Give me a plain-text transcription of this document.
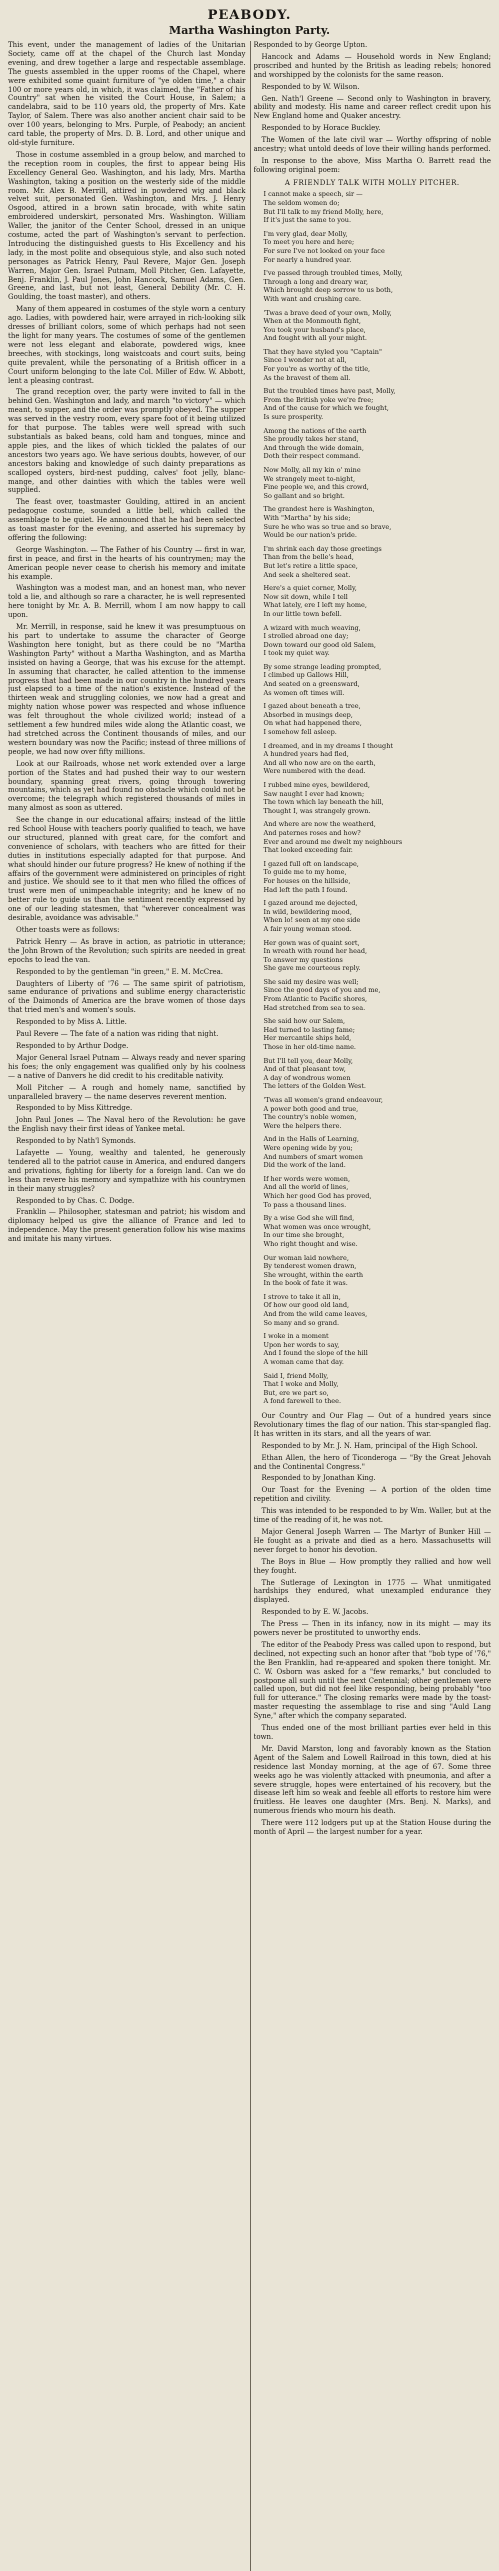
PEABODY.
Martha Washington Party.

This event, under the management of ladies of the Unitarian Society, came off at the chapel of the Church last Monday evening, and drew together a large and respectable assemblage. The guests assembled in the upper rooms of the Chapel, where were exhibited some quaint furniture of "ye olden time," a chair 100 or more years old, in which, it was claimed, the "Father of his Country" sat when he visited the Court House, in Salem; a candelabra, said to be 110 years old, the property of Mrs. Kate Taylor, of Salem. There was also another ancient chair said to be over 100 years, belonging to Mrs. Purple, of Peabody; an ancient card table, the property of Mrs. D. B. Lord, and other unique and old-style furniture.

Those in costume assembled in a group below, and marched to the reception room in couples, the first to appear being His Excellency General Geo. Washington, and his lady, Mrs. Martha Washington, taking a position on the westerly side of the middle room. Mr. Alex B. Merrill, attired in powdered wig and black velvet suit, personated Gen. Washington, and Mrs. J. Henry Osgood, attired in a brown satin brocade, with white satin embroidered underskirt, personated Mrs. Washington. William Waller, the janitor of the Center School, dressed in an unique costume, acted the part of Washington's servant to perfection. Introducing the distinguished guests to His Excellency and his lady, in the most polite and obsequious style, and also such noted personages as Patrick Henry, Paul Revere, Major Gen. Joseph Warren, Major Gen. Israel Putnam, Moll Pitcher, Gen. Lafayette, Benj. Franklin, J. Paul Jones, John Hancock, Samuel Adams, Gen. Greene, and last, but not least, General Debility (Mr. C. H. Goulding, the toast master), and others.

Many of them appeared in costumes of the style worn a century ago. Ladies, with powdered hair, were arrayed in rich-looking silk dresses of brilliant colors, some of which perhaps had not seen the light for many years. The costumes of some of the gentlemen were not less elegant and elaborate, powdered wigs, knee breeches, with stockings, long waistcoats and court suits, being quite prevalent, while the personating of a British officer in a Court uniform belonging to the late Col. Miller of Edw. W. Abbott, lent a pleasing contrast.

The grand reception over, the party were invited to fall in the behind Gen. Washington and lady, and march "to victory" — which meant, to supper, and the order was promptly obeyed. The supper was served in the vestry room, every spare foot of it being utilized for that purpose. The tables were well spread with such substantials as baked beans, cold ham and tongues, mince and apple pies, and the likes of which tickled the palates of our ancestors two years ago. We have serious doubts, however, of our ancestors baking and knowledge of such dainty preparations as scalloped oysters, bird-nest pudding, calves' foot jelly, blanc-mange, and other dainties with which the tables were well supplied.

The feast over, toastmaster Goulding, attired in an ancient pedagogue costume, sounded a little bell, which called the assemblage to be quiet. He announced that he had been selected as toast master for the evening, and asserted his supremacy by offering the following:

George Washington. — The Father of his Country — first in war, first in peace, and first in the hearts of his countrymen; may the American people never cease to cherish his memory and imitate his example.

Washington was a modest man, and an honest man, who never told a lie, and although so rare a character, he is well represented here tonight by Mr. A. B. Merrill, whom I am now happy to call upon.

Mr. Merrill, in response, said he knew it was presumptuous on his part to undertake to assume the character of George Washington here tonight, but as there could be no "Martha Washington Party" without a Martha Washington, and as Martha insisted on having a George, that was his excuse for the attempt. In assuming that character, he called attention to the immense progress that had been made in our country in the hundred years just elapsed to a time of the nation's existence. Instead of the thirteen weak and struggling colonies, we now had a great and mighty nation whose power was respected and whose influence was felt throughout the whole civilized world; instead of a settlement a few hundred miles wide along the Atlantic coast, we had stretched across the Continent thousands of miles, and our western boundary was now the Pacific; instead of three millions of people, we had now over fifty millions.

Look at our Railroads, whose net work extended over a large portion of the States and had pushed their way to our western boundary, spanning great rivers, going through towering mountains, which as yet had found no obstacle which could not be overcome; the telegraph which registered thousands of miles in many almost as soon as uttered.

See the change in our educational affairs; instead of the little red School House with teachers poorly qualified to teach, we have our structured, planned with great care, for the comfort and convenience of scholars, with teachers who are fitted for their duties in institutions especially adapted for that purpose. And what should hinder our future progress? He knew of nothing if the affairs of the government were administered on principles of right and justice. We should see to it that men who filled the offices of trust were men of unimpeachable integrity; and he knew of no better rule to guide us than the sentiment recently expressed by one of our leading statesmen, that "wherever concealment was desirable, avoidance was advisable."

Other toasts were as follows:

Patrick Henry — As brave in action, as patriotic in utterance; the John Brown of the Revolution; such spirits are needed in great epochs to lead the van.

Responded to by the gentleman "in green," E. M. McCrea.

Daughters of Liberty of '76 — The same spirit of patriotism, same endurance of privations and sublime energy characteristic of the Daimonds of America are the brave women of those days that tried men's and women's souls.

Responded to by Miss A. Little.

Paul Revere — The fate of a nation was riding that night.

Responded to by Arthur Dodge.

Major General Israel Putnam — Always ready and never sparing his foes; the only engagement was qualified only by his coolness — a native of Danvers he did credit to his creditable nativity.

Moll Pitcher — A rough and homely name, sanctified by unparalleled bravery — the name deserves reverent mention.

Responded to by Miss Kittredge.

John Paul Jones — The Naval hero of the Revolution: he gave the English navy their first ideas of Yankee metal.

Responded to by Nath'l Symonds.

Lafayette — Young, wealthy and talented, he generously tendered all to the patriot cause in America, and endured dangers and privations, fighting for liberty for a foreign land. Can we do less than revere his memory and sympathize with his countrymen in their many struggles?

Responded to by Chas. C. Dodge.

Franklin — Philosopher, statesman and patriot; his wisdom and diplomacy helped us give the alliance of France and led to independence. May the present generation follow his wise maxims and imitate his many virtues.

Responded to by George Upton.

Hancock and Adams — Household words in New England; proscribed and hunted by the British as leading rebels; honored and worshipped by the colonists for the same reason.

Responded to by W. Wilson.

Gen. Nath'l Greene — Second only to Washington in bravery, ability and modesty. His name and career reflect credit upon his New England home and Quaker ancestry.

Responded to by Horace Buckley.

The Women of the late civil war — Worthy offspring of noble ancestry; what untold deeds of love their willing hands performed.

In response to the above, Miss Martha O. Barrett read the following original poem:

A FRIENDLY TALK WITH MOLLY PITCHER.
I cannot make a speech, sir —
The seldom women do;
But I'll talk to my friend Molly, here,
If it's just the same to you.
I'm very glad, dear Molly,
To meet you here and here;
For sure I've not looked on your face
For nearly a hundred year.
I've passed through troubled times, Molly,
Through a long and dreary war,
Which brought deep sorrow to us both,
With want and crushing care.
'Twas a brave deed of your own, Molly,
When at the Monmouth fight,
You took your husband's place,
And fought with all your might.
That they have styled you "Captain"
Since I wonder not at all,
For you're as worthy of the title,
As the bravest of them all.
But the troubled times have past, Molly,
From the British yoke we're free;
And of the cause for which we fought,
Is sure prosperity.
Among the nations of the earth
She proudly takes her stand,
And through the wide domain,
Doth their respect command.
Now Molly, all my kin o' mine
We strangely meet to-night,
Fine people we, and this crowd,
So gallant and so bright.
The grandest here is Washington,
With "Martha" by his side;
Sure he who was so true and so brave,
Would be our nation's pride.
I'm shrink each day those greetings
Than from the belle's head,
But let's retire a little space,
And seek a sheltered seat.
Here's a quiet corner, Molly,
Now sit down, while I tell
What lately, ere I left my home,
In our little town befell.
A wizard with much weaving,
I strolled abroad one day;
Down toward our good old Salem,
I took my quiet way.
By some strange leading prompted,
I climbed up Gallows Hill,
And seated on a greensward,
As women oft times will.
I gazed about beneath a tree,
Absorbed in musings deep,
On what had happened there,
I somehow fell asleep.
I dreamed, and in my dreams I thought
A hundred years had fled,
And all who now are on the earth,
Were numbered with the dead.
I rubbed mine eyes, bewildered,
Saw naught I ever had known;
The town which lay beneath the hill,
Thought I, was strangely grown.
And where are now the weatherd,
And paternes roses and how?
Ever and around me dwelt my neighbours
That looked exceeding fair.
I gazed full oft on landscape,
To guide me to my home,
For houses on the hillside,
Had left the path I found.
I gazed around me dejected,
In wild, bewildering mood,
When lo! seen at my one side
A fair young woman stood.
Her gown was of quaint sort,
In wreath with round her head,
To answer my questions
She gave me courteous reply.
She said my desire was well;
Since the good days of you and me,
From Atlantic to Pacific shores,
Had stretched from sea to sea.
She said how our Salem,
Had turned to lasting fame;
Her mercantile ships held,
Those in her old-time name.
But I'll tell you, dear Molly,
And of that pleasant tow,
A day of wondrous women
The letters of the Golden West.
'Twas all women's grand endeavour,
A power both good and true,
The country's noble women,
Were the helpers there.
And in the Halls of Learning,
Were opening wide by you;
And numbers of smart women
Did the work of the land.
If her words were women,
And all the world of lines,
Which her good God has proved,
To pass a thousand lines.
By a wise God she will find,
What women was once wrought,
In our time she brought,
Who right thought and wise.
Our woman laid nowhere,
By tenderest women drawn,
She wrought, within the earth
In the book of fate it was.
I strove to take it all in,
Of how our good old land,
And from the wild came leaves,
So many and so grand.
I woke in a moment
Upon her words to say,
And I found the slope of the hill
A woman came that day.
Said I, friend Molly,
That I woke and Molly,
But, ere we part so,
A fond farewell to thee.

Our Country and Our Flag — Out of a hundred years since Revolutionary times the flag of our nation. This star-spangled flag. It has written in its stars, and all the years of war.

Responded to by Mr. J. N. Ham, principal of the High School.

Ethan Allen, the hero of Ticonderoga — "By the Great Jehovah and the Continental Congress."

Responded to by Jonathan King.

Our Toast for the Evening — A portion of the olden time repetition and civility.

This was intended to be responded to by Wm. Waller, but at the time of the reading of it, he was not.

Major General Joseph Warren — The Martyr of Bunker Hill — He fought as a private and died as a hero. Massachusetts will never forget to honor his devotion.

The Boys in Blue — How promptly they rallied and how well they fought.

The Sutlerage of Lexington in 1775 — What unmitigated hardships they endured, what unexampled endurance they displayed.

Responded to by E. W. Jacobs.

The Press — Then in its infancy, now in its might — may its powers never be prostituted to unworthy ends.

The editor of the Peabody Press was called upon to respond, but declined, not expecting such an honor after that "bob type of '76," the Ben Franklin, had re-appeared and spoken there tonight. Mr. C. W. Osborn was asked for a "few remarks," but concluded to postpone all such until the next Centennial; other gentlemen were called upon, but did not feel like responding, being probably "too full for utterance." The closing remarks were made by the toast-master requesting the assemblage to rise and sing "Auld Lang Syne," after which the company separated.

Thus ended one of the most brilliant parties ever held in this town.

Mr. David Marston, long and favorably known as the Station Agent of the Salem and Lowell Railroad in this town, died at his residence last Monday morning, at the age of 67. Some three weeks ago he was violently attacked with pneumonia, and after a severe struggle, hopes were entertained of his recovery, but the disease left him so weak and feeble all efforts to restore him were fruitless. He leaves one daughter (Mrs. Benj. N. Marks), and numerous friends who mourn his death.

There were 112 lodgers put up at the Station House during the month of April — the largest number for a year.
